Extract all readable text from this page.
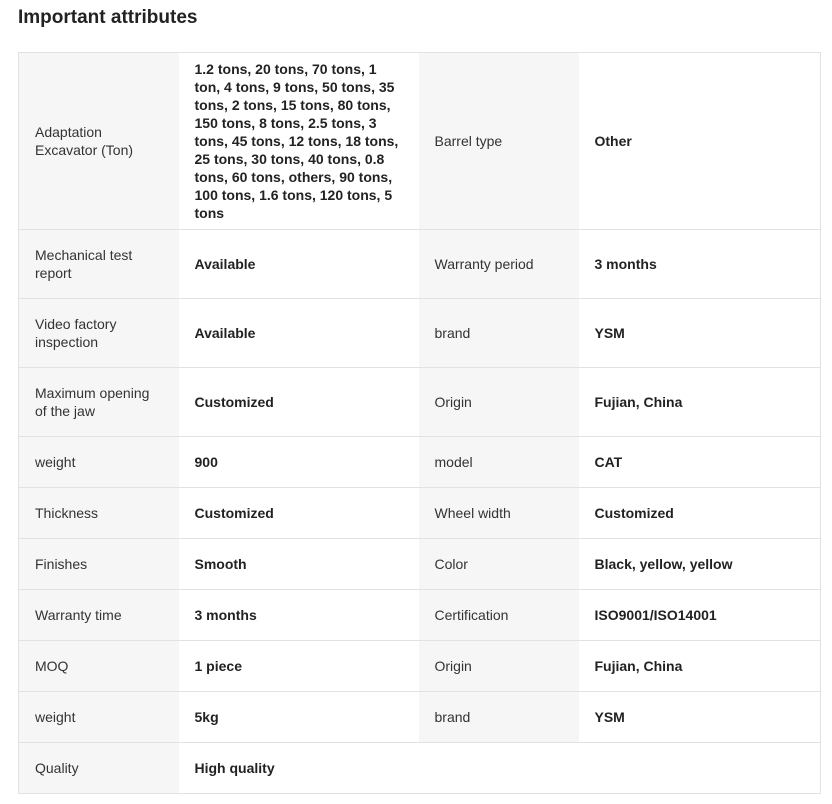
Important attributes
Adaptation Excavator (Ton)	1.2 tons, 20 tons, 70 tons, 1 ton, 4 tons, 9 tons, 50 tons, 35 tons, 2 tons, 15 tons, 80 tons, 150 tons, 8 tons, 2.5 tons, 3 tons, 45 tons, 12 tons, 18 tons, 25 tons, 30 tons, 40 tons, 0.8 tons, 60 tons, others, 90 tons, 100 tons, 1.6 tons, 120 tons, 5 tons	Barrel type	Other
Mechanical test report	Available	Warranty period	3 months
Video factory inspection	Available	brand	YSM
Maximum opening of the jaw	Customized	Origin	Fujian, China
weight	900	model	CAT
Thickness	Customized	Wheel width	Customized
Finishes	Smooth	Color	Black, yellow, yellow
Warranty time	3 months	Certification	ISO9001/ISO14001
MOQ	1 piece	Origin	Fujian, China
weight	5kg	brand	YSM
Quality	High quality		
